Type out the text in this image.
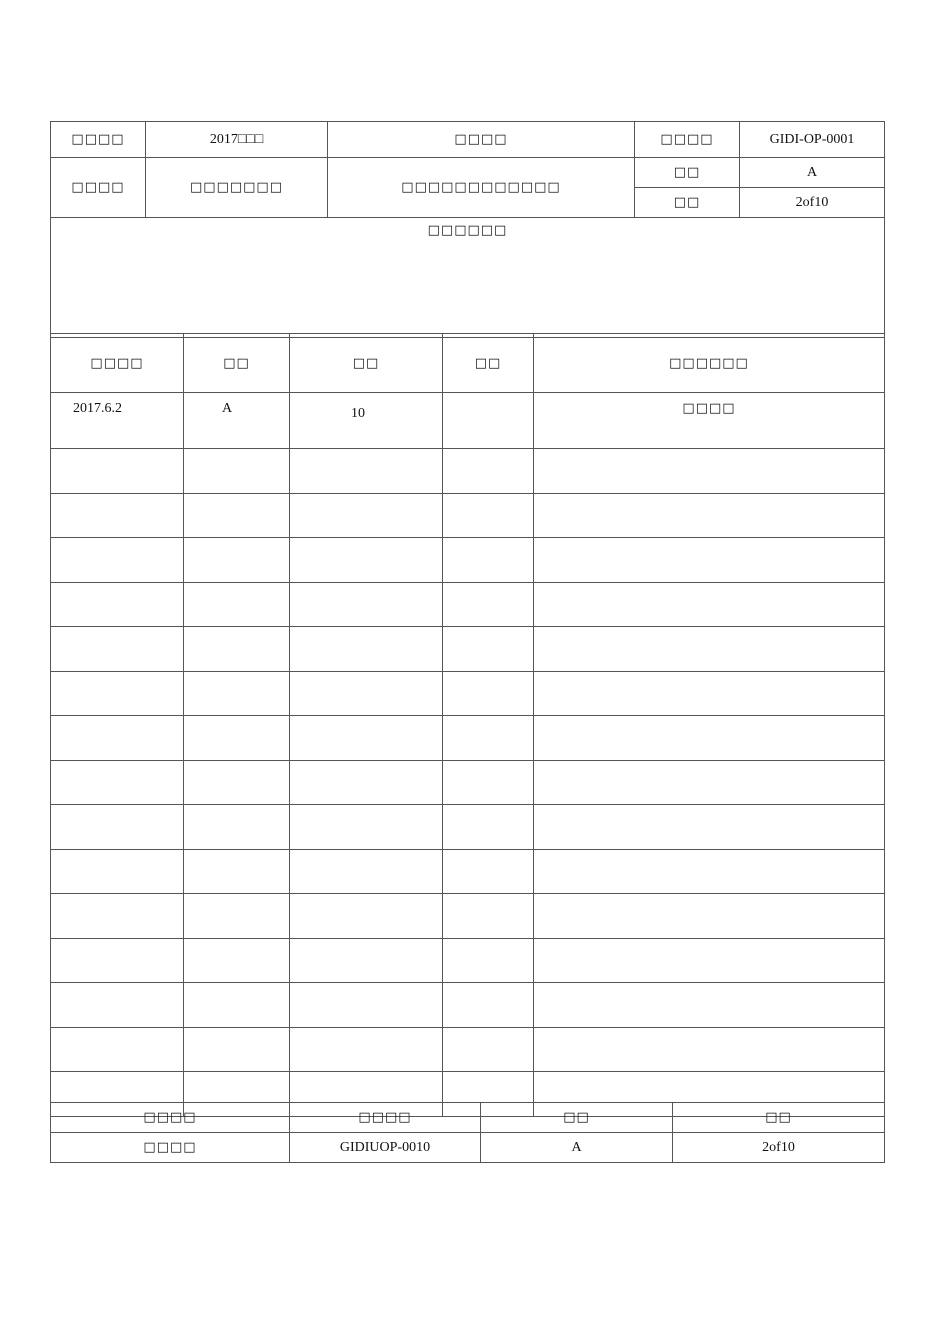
□□□□	2017□□□	□□□□	□□□□	GIDI-OP-0001
□□□□	□□□□□□□	□□□□□□□□□□□□	□□	A
			□□	2of10
□□□□□□				
□□□□	□□	□□	□□	□□□□□□
2017.6.2	A	10		□□□□

□□□□	□□□□	□□	□□
□□□□	GIDIUOP-0010	A	2of10
